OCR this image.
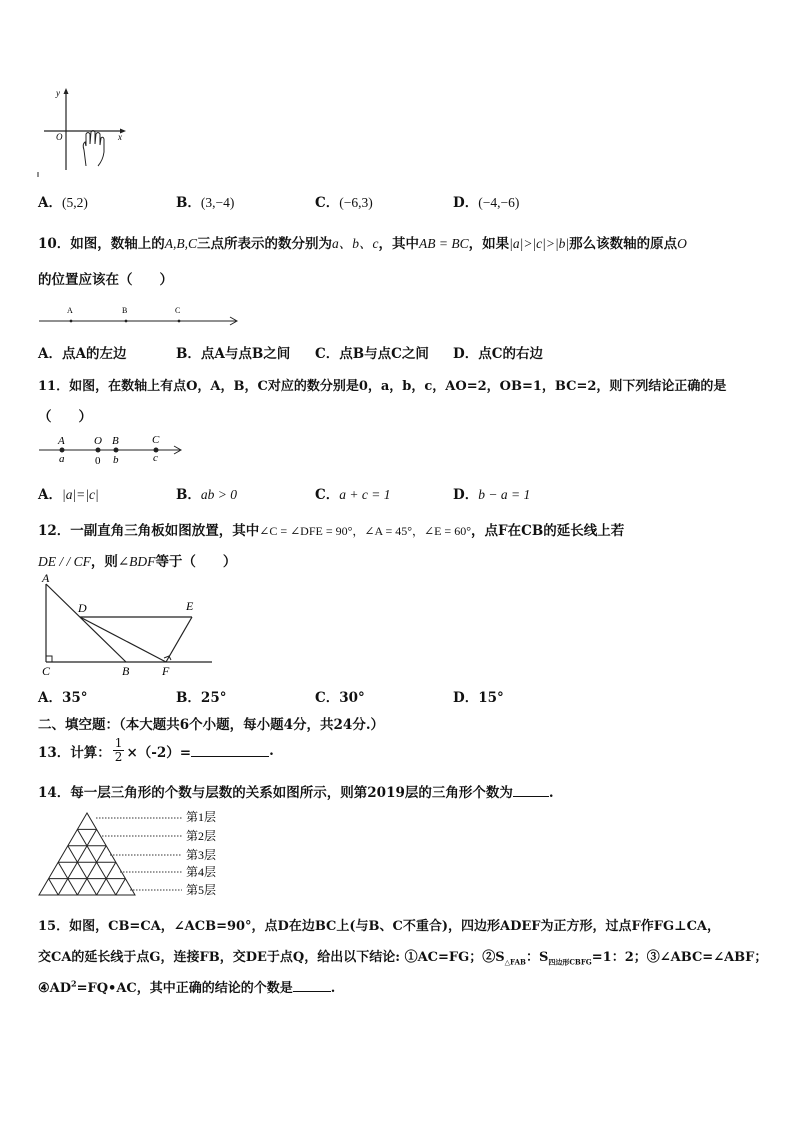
y
O	x
A．(5,2)	B．(3,−4)	C．(−6,3)	D．(−4,−6)
10．如图，数轴上的A,B,C三点所表示的数分别为a、b、c，其中AB = BC，如果|a|>|c|>|b|那么该数轴的原点O
的位置应该在（　　）
A	B	C
A．点A的左边	B．点A与点B之间 C．点B与点C之间 D．点C的右边
11．如图，在数轴上有点O，A，B，C对应的数分别是0，a，b，c，AO=2，OB=1，BC=2，则下列结论正确的是
（　　）
A	O B	C
a	0 b	c
A．|a|=|c|	B．ab > 0	C．a + c = 1	D．b − a = 1
12．一副直角三角板如图放置，其中∠C = ∠DFE = 90°，∠A = 45°，∠E = 60°，点F在CB的延长线上若
DE / / CF，则∠BDF等于（　　）
A
D	E
C	B	F
A．35°	B．25°	C．30°	D．15°
二、填空题：（本大题共6个小题，每小题4分，共24分.）
13．计算： $\frac{1}{2} \times(-2)=$	.
14．每一层三角形的个数与层数的关系如图所示，则第2019层的三角形个数为	.
第1层
第2层
第3层
第4层
第5层
15．如图，CB=CA，∠ACB=90°，点D在边BC上(与B、C不重合)，四边形ADEF为正方形，过点F作FG⊥CA，
交CA的延长线于点G，连接FB，交DE于点Q，给出以下结论: ①AC=FG；$②S_{\triangle FAB}$：$S_{四边形CBFG}=1$：2；③∠ABC=∠ABF；
$④AD^2=FQ•AC$，其中正确的结论的个数是	.
